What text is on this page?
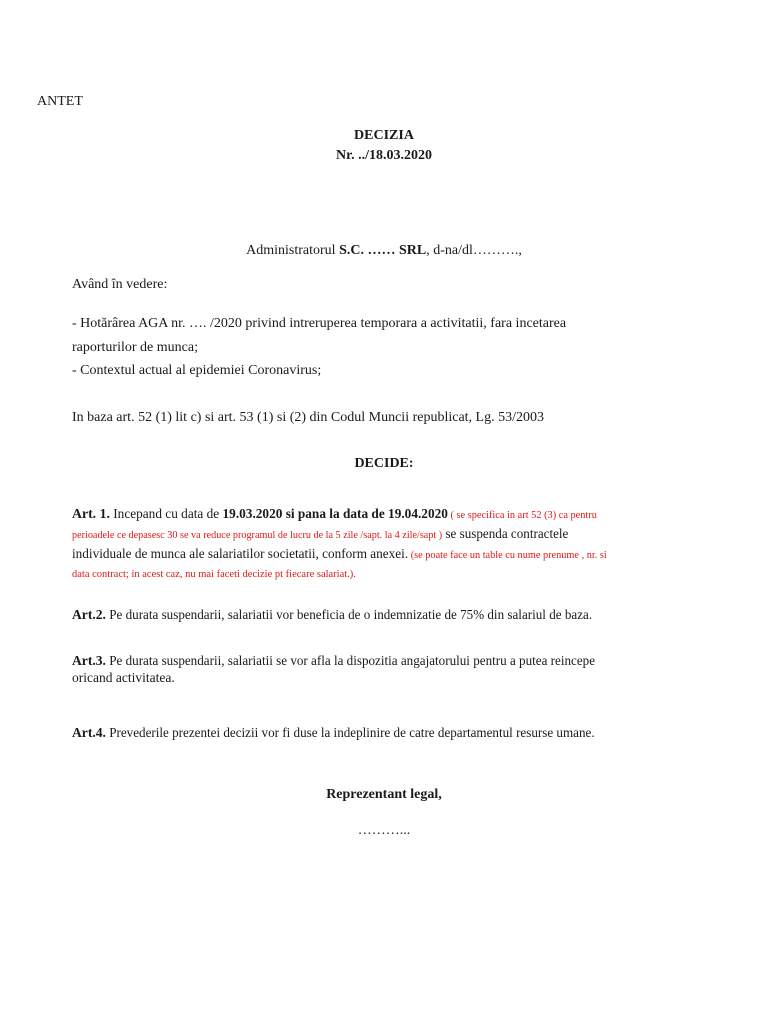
ANTET
DECIZIA
Nr. ../18.03.2020
Administratorul S.C. …… SRL, d-na/dl……….,
Având în vedere:
- Hotărârea AGA nr. …. /2020 privind intreruperea temporara a activitatii, fara incetarea
raporturilor de munca;
- Contextul actual al epidemiei Coronavirus;
In baza art. 52 (1) lit c) si art. 53 (1) si (2) din Codul Muncii republicat, Lg. 53/2003
DECIDE:
Art. 1. Incepand cu data de 19.03.2020 si pana la data de 19.04.2020 ( se specifica in art 52 (3) ca pentru
perioadele ce depasesc 30 se va reduce programul de lucru de la 5 zile /sapt. la 4 zile/sapt ) se suspenda contractele
individuale de munca ale salariatilor societatii, conform anexei. (se poate face un table cu nume prenume , nr. si
data contract; in acest caz, nu mai faceti decizie pt fiecare salariat.).
Art.2. Pe durata suspendarii, salariatii vor beneficia de o indemnizatie de 75% din salariul de baza.
Art.3. Pe durata suspendarii, salariatii se vor afla la dispozitia angajatorului pentru a putea reincepe
oricand activitatea.
Art.4. Prevederile prezentei decizii vor fi duse la indeplinire de catre departamentul resurse umane.
Reprezentant legal,
………...
